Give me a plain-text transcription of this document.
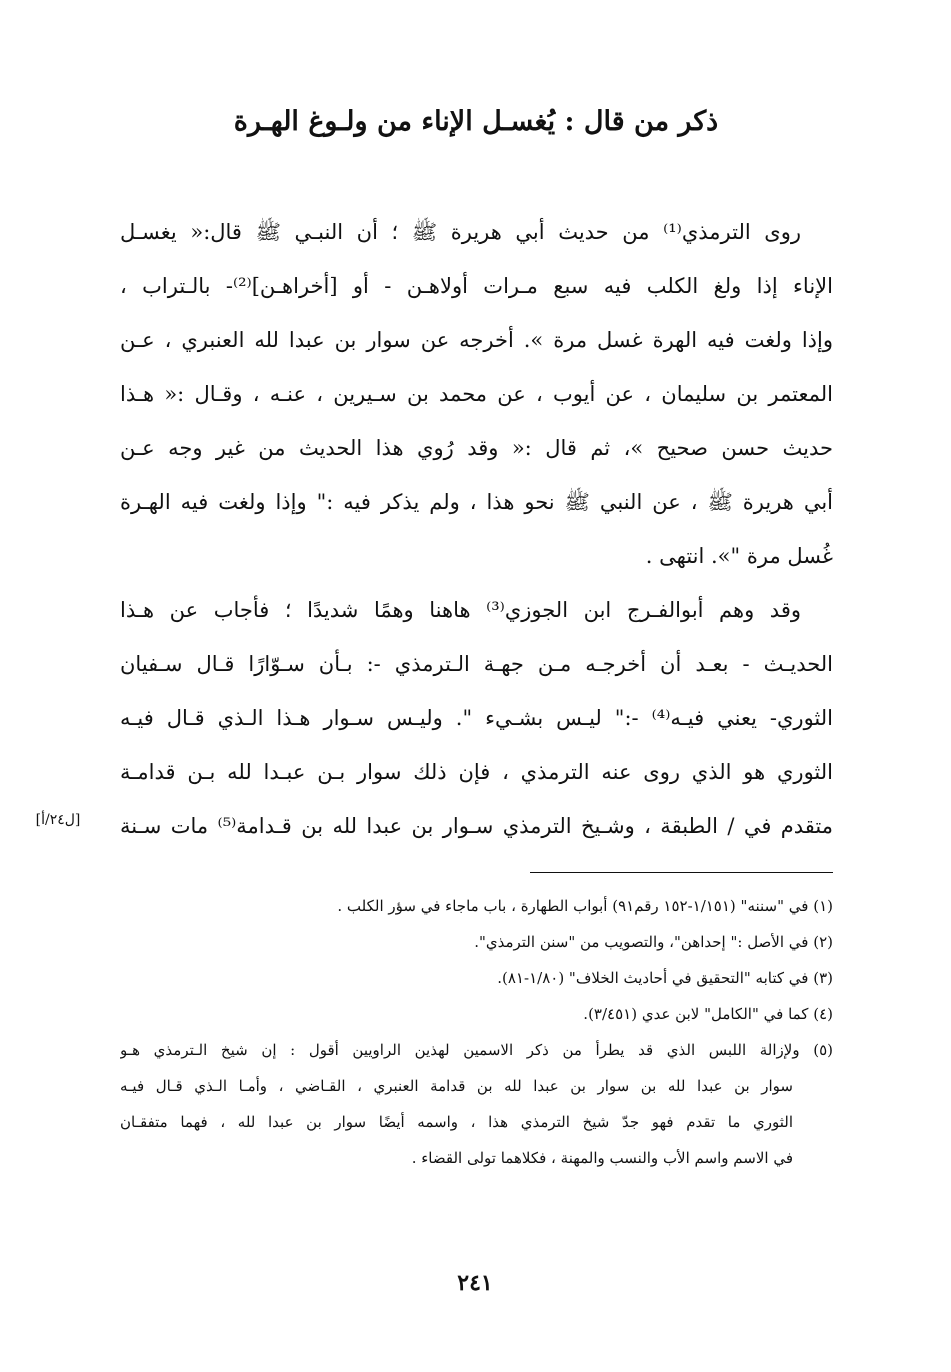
ذكر من قال : يُغسـل الإناء من ولـوغ الهـرة
روى الترمذي⁽¹⁾ من حديث أبي هريرة ﷺ ؛ أن النبـي ﷺ قال:« يغسـل
الإناء إذا ولغ الكلب فيه سبع مـرات أولاهـن - أو [أخراهـن]⁽²⁾- بالـتراب ،
وإذا ولغت فيه الهرة غسل مرة ». أخرجه عن سوار بن عبدا لله العنبري ، عـن
المعتمر بن سليمان ، عن أيوب ، عن محمد بن سـيرين ، عنـه ، وقـال :« هـذا
حديث حسن صحيح »، ثم قال :« وقد رُوي هذا الحديث من غير وجه عـن
أبي هريرة ﷺ ، عن النبي ﷺ نحو هذا ، ولم يذكر فيه :" وإذا ولغت فيه الهـرة
غُسل مرة "». انتهى .
وقد وهم أبوالفـرج ابن الجوزي⁽³⁾ هاهنا وهمًا شديدًا ؛ فأجاب عن هـذا
الحديـث - بعـد أن أخرجـه مـن جهـة الـترمذي -: بـأن سـوّارًا قـال سـفيان
الثوري- يعني فيـه⁽⁴⁾ -:" ليـس بشـيء ". وليـس سـوار هـذا الـذي قـال فيـه
الثوري هو الذي روى عنه الترمذي ، فإن ذلك سوار بـن عبـدا لله بـن قدامـة
متقدم في / الطبقة ، وشـيخ الترمذي سـوار بن عبدا لله بن قـدامة⁽⁵⁾ مات سـنة
[ل٢٤/أ]
(١) في "سننه" (١/١٥١-١٥٢ رقم٩١) أبواب الطهارة ، باب ماجاء في سؤر الكلب .
(٢) في الأصل :" إحداهن"، والتصويب من "سنن الترمذي".
(٣) في كتابه "التحقيق في أحاديث الخلاف" (١/٨٠-٨١).
(٤) كما في "الكامل" لابن عدي (٣/٤٥١).
(٥) ولإزالة اللبس الذي قد يطرأ من ذكر الاسمين لهذين الراويين أقول : إن شيخ الـترمذي هـو
سوار بن عبدا لله بن سوار بن عبدا لله بن قدامة العنبري ، القـاضي ، وأمـا الـذي قـال فيـه
الثوري ما تقدم فهو جدّ شيخ الترمذي هذا ، واسمه أيضًا سوار بن عبدا لله ، فهما متفقـان
في الاسم واسم الأب والنسب والمهنة ، فكلاهما تولى القضاء .
٢٤١
